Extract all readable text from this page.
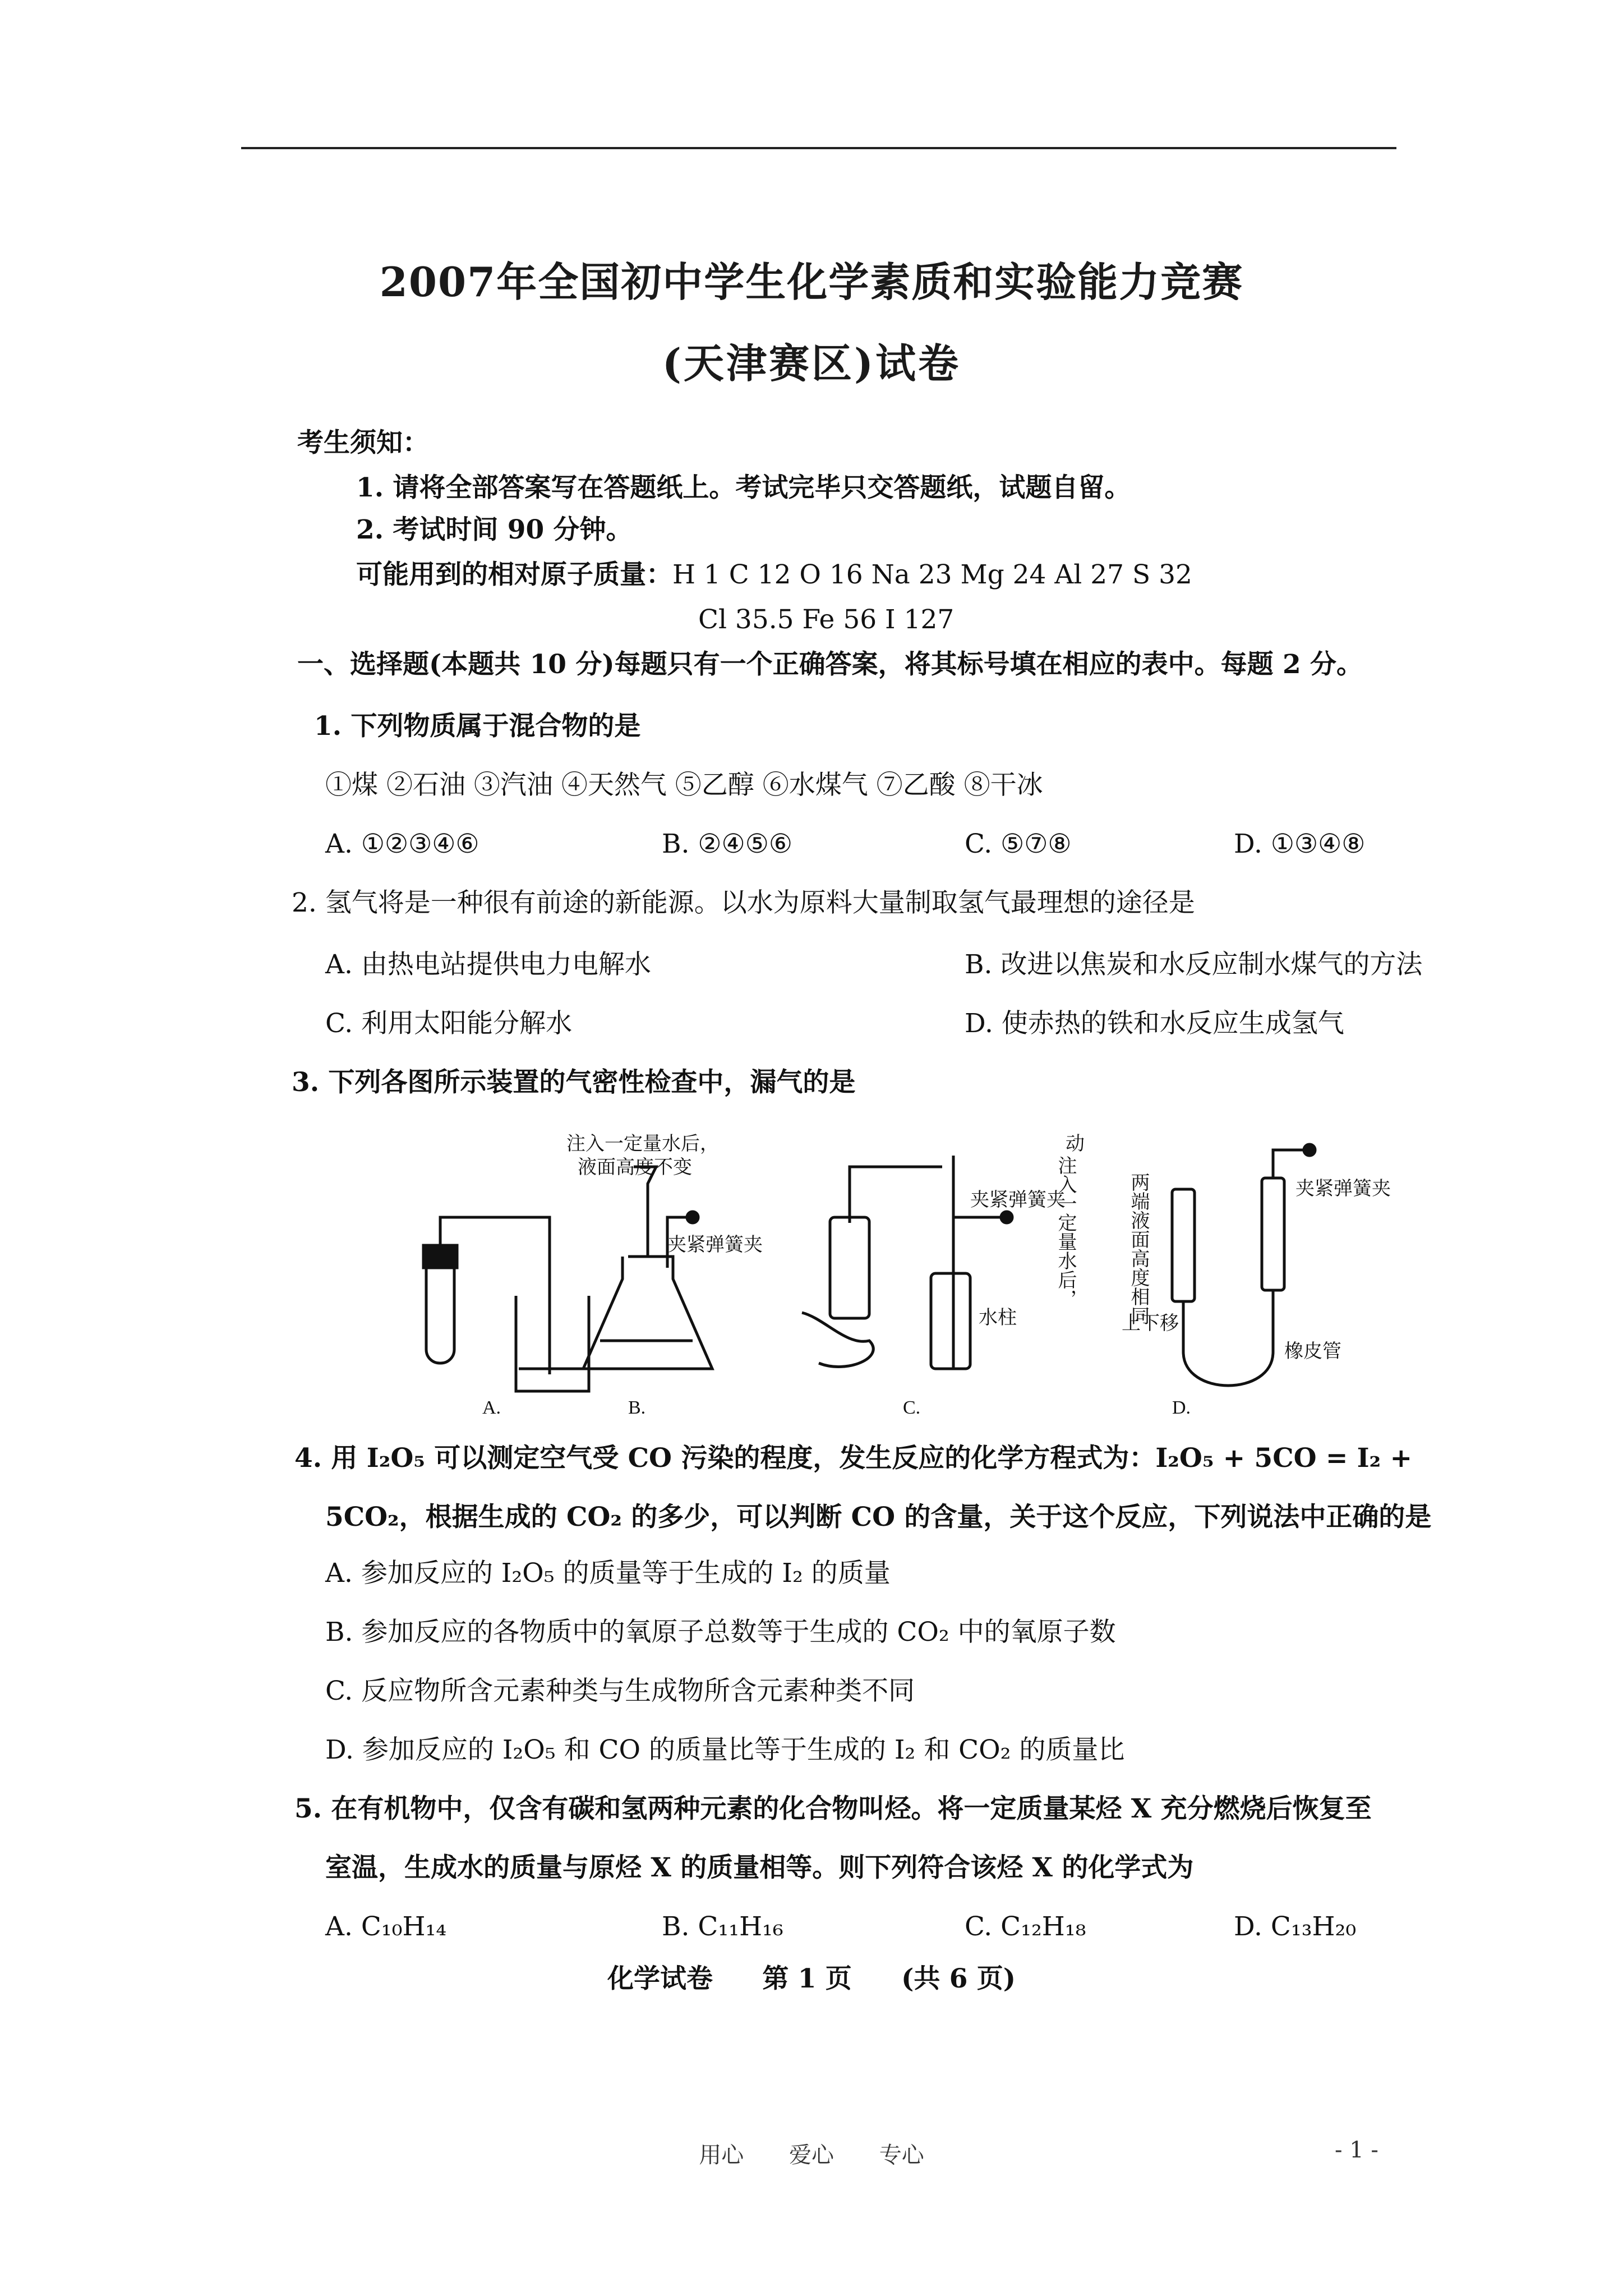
2007年全国初中学生化学素质和实验能力竞赛
(天津赛区)试卷
考生须知：
1. 请将全部答案写在答题纸上。考试完毕只交答题纸，试题自留。
2. 考试时间 90 分钟。
可能用到的相对原子质量：H 1 C 12 O 16 Na 23 Mg 24 Al 27 S 32
Cl 35.5 Fe 56 I 127
一、选择题(本题共 10 分)每题只有一个正确答案，将其标号填在相应的表中。每题 2 分。
1. 下列物质属于混合物的是
①煤 ②石油 ③汽油 ④天然气 ⑤乙醇 ⑥水煤气 ⑦乙酸 ⑧干冰
A. ①②③④⑥	B. ②④⑤⑥	C. ⑤⑦⑧	D. ①③④⑧
2. 氢气将是一种很有前途的新能源。以水为原料大量制取氢气最理想的途径是
A. 由热电站提供电力电解水	B. 改进以焦炭和水反应制水煤气的方法
C. 利用太阳能分解水	D. 使赤热的铁和水反应生成氢气
3. 下列各图所示装置的气密性检查中，漏气的是
注入一定量水后，
液面高度不变
夹紧弹簧夹
夹紧弹簧夹
水柱
动
注入一定量水后，
上下移
两端液面高度相同	夹紧弹簧夹
橡皮管
A.	B.	C.	D.
4. 用 I₂O₅ 可以测定空气受 CO 污染的程度，发生反应的化学方程式为：I₂O₅ + 5CO = I₂ +
5CO₂，根据生成的 CO₂ 的多少，可以判断 CO 的含量，关于这个反应，下列说法中正确的是
A. 参加反应的 I₂O₅ 的质量等于生成的 I₂ 的质量
B. 参加反应的各物质中的氧原子总数等于生成的 CO₂ 中的氧原子数
C. 反应物所含元素种类与生成物所含元素种类不同
D. 参加反应的 I₂O₅ 和 CO 的质量比等于生成的 I₂ 和 CO₂ 的质量比
5. 在有机物中，仅含有碳和氢两种元素的化合物叫烃。将一定质量某烃 X 充分燃烧后恢复至
室温，生成水的质量与原烃 X 的质量相等。则下列符合该烃 X 的化学式为
A. C₁₀H₁₄	B. C₁₁H₁₆	C. C₁₂H₁₈	D. C₁₃H₂₀
化学试卷 第 1 页 (共 6 页)
用心 爱心 专心	- 1 -
